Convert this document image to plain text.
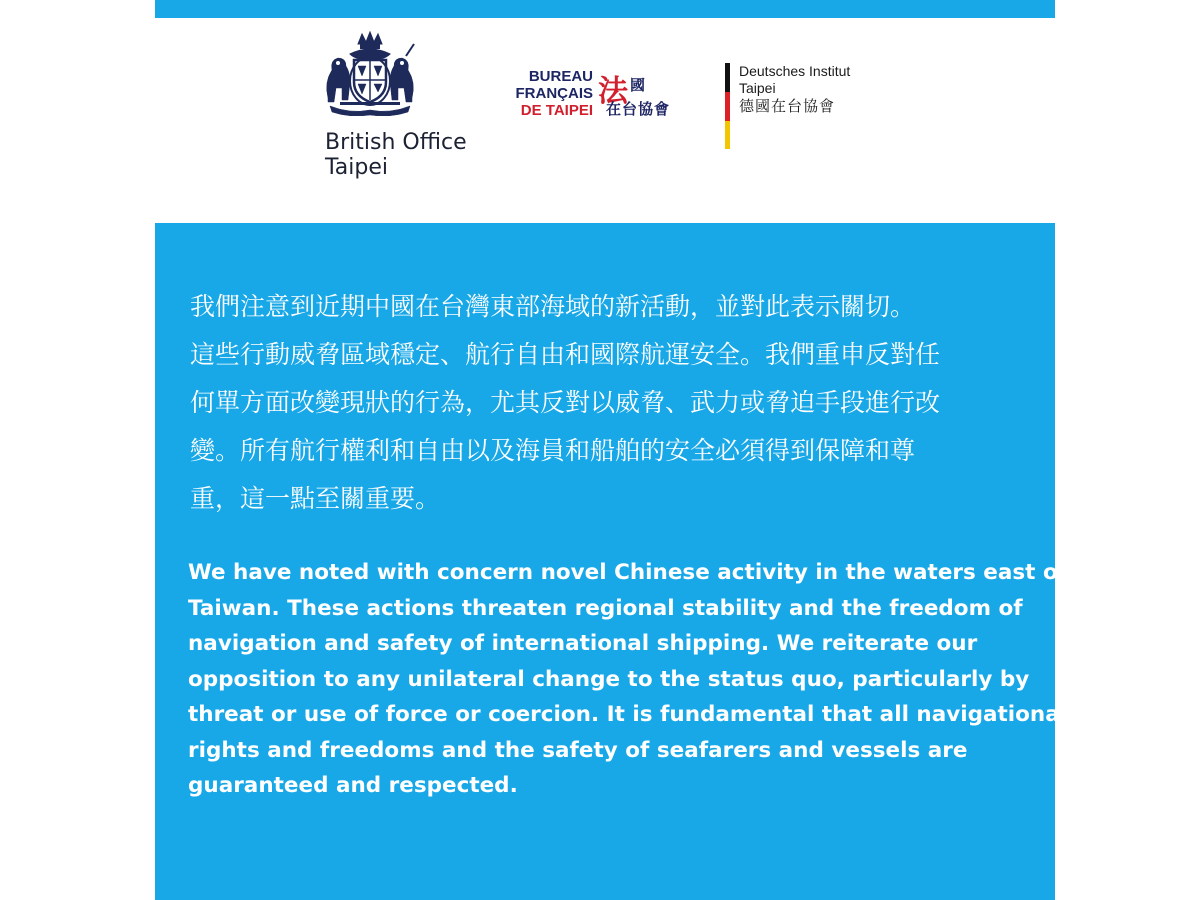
British Office
Taipei
BUREAU
FRANÇAIS
DE TAIPEI
法 國
在台協會
Deutsches Institut
Taipei
德國在台協會

我們注意到近期中國在台灣東部海域的新活動，並對此表示關切。
這些行動威脅區域穩定、航行自由和國際航運安全。我們重申反對任
何單方面改變現狀的行為，尤其反對以威脅、武力或脅迫手段進行改
變。所有航行權利和自由以及海員和船舶的安全必須得到保障和尊
重，這一點至關重要。

We have noted with concern novel Chinese activity in the waters east of
Taiwan. These actions threaten regional stability and the freedom of
navigation and safety of international shipping. We reiterate our
opposition to any unilateral change to the status quo, particularly by
threat or use of force or coercion. It is fundamental that all navigational
rights and freedoms and the safety of seafarers and vessels are
guaranteed and respected.
